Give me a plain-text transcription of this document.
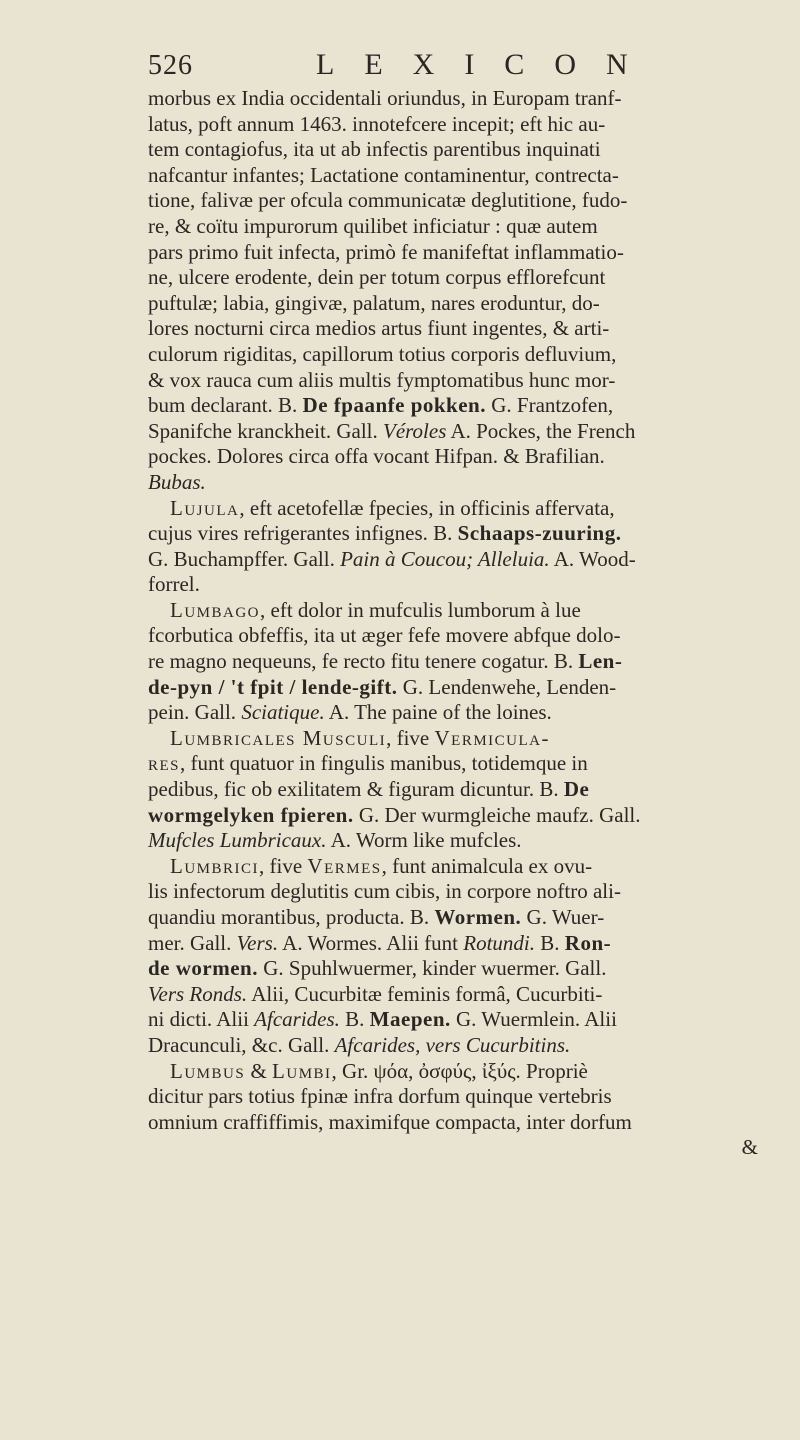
526	LEXICON
morbus ex India occidentali oriundus, in Europam tranf-
latus, poft annum 1463. innotefcere incepit; eft hic au-
tem contagiofus, ita ut ab infectis parentibus inquinati
nafcantur infantes; Lactatione contaminentur, contrecta-
tione, falivæ per ofcula communicatæ deglutitione, fudo-
re, & coïtu impurorum quilibet inficiatur : quæ autem
pars primo fuit infecta, primò fe manifeftat inflammatio-
ne, ulcere erodente, dein per totum corpus efflorefcunt
puftulæ; labia, gingivæ, palatum, nares eroduntur, do-
lores nocturni circa medios artus fiunt ingentes, & arti-
culorum rigiditas, capillorum totius corporis defluvium,
& vox rauca cum aliis multis fymptomatibus hunc mor-
bum declarant. B. De fpaanfe pokken. G. Frantzofen,
Spanifche kranckheit. Gall. Véroles A. Pockes, the French
pockes. Dolores circa offa vocant Hifpan. & Brafilian.
Bubas.
Lujula, eft acetofellæ fpecies, in officinis affervata,
cujus vires refrigerantes infignes. B. Schaaps-zuuring.
G. Buchampffer. Gall. Pain à Coucou; Alleluia. A. Wood-
forrel.
Lumbago, eft dolor in mufculis lumborum à lue
fcorbutica obfeffis, ita ut æger fefe movere abfque dolo-
re magno nequeuns, fe recto fitu tenere cogatur. B. Len-
de-pyn / 't fpit / lende-gift. G. Lendenwehe, Lenden-
pein. Gall. Sciatique. A. The paine of the loines.
Lumbricales Musculi, five Vermicula-
res, funt quatuor in fingulis manibus, totidemque in
pedibus, fic ob exilitatem & figuram dicuntur. B. De
wormgelyken fpieren. G. Der wurmgleiche maufz. Gall.
Mufcles Lumbricaux. A. Worm like mufcles.
Lumbrici, five Vermes, funt animalcula ex ovu-
lis infectorum deglutitis cum cibis, in corpore noftro ali-
quandiu morantibus, producta. B. Wormen. G. Wuer-
mer. Gall. Vers. A. Wormes. Alii funt Rotundi. B. Ron-
de wormen. G. Spuhlwuermer, kinder wuermer. Gall.
Vers Ronds. Alii, Cucurbitæ feminis formâ, Cucurbiti-
ni dicti. Alii Afcarides. B. Maepen. G. Wuermlein. Alii
Dracunculi, &c. Gall. Afcarides, vers Cucurbitins.
Lumbus & Lumbi, Gr. ψόα, ὀσφύς, ἰξύς. Propriè
dicitur pars totius fpinæ infra dorfum quinque vertebris
omnium craffiffimis, maximifque compacta, inter dorfum
&
